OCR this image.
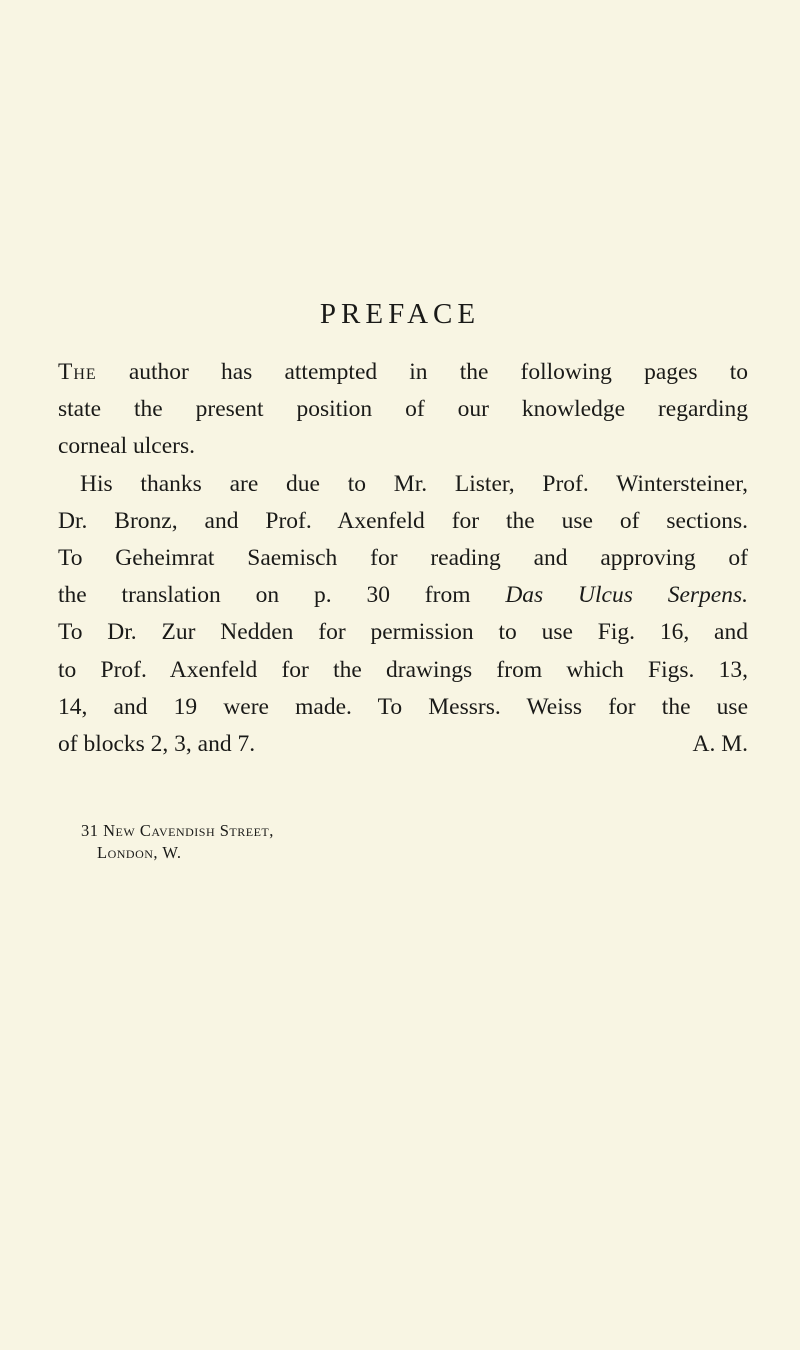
PREFACE
The author has attempted in the following pages to
state the present position of our knowledge regarding
corneal ulcers.
His thanks are due to Mr. Lister, Prof. Wintersteiner,
Dr. Bronz, and Prof. Axenfeld for the use of sections.
To Geheimrat Saemisch for reading and approving of
the translation on p. 30 from Das Ulcus Serpens.
To Dr. Zur Nedden for permission to use Fig. 16, and
to Prof. Axenfeld for the drawings from which Figs. 13,
14, and 19 were made. To Messrs. Weiss for the use
of blocks 2, 3, and 7.	A. M.
31 New Cavendish Street,
London, W.
